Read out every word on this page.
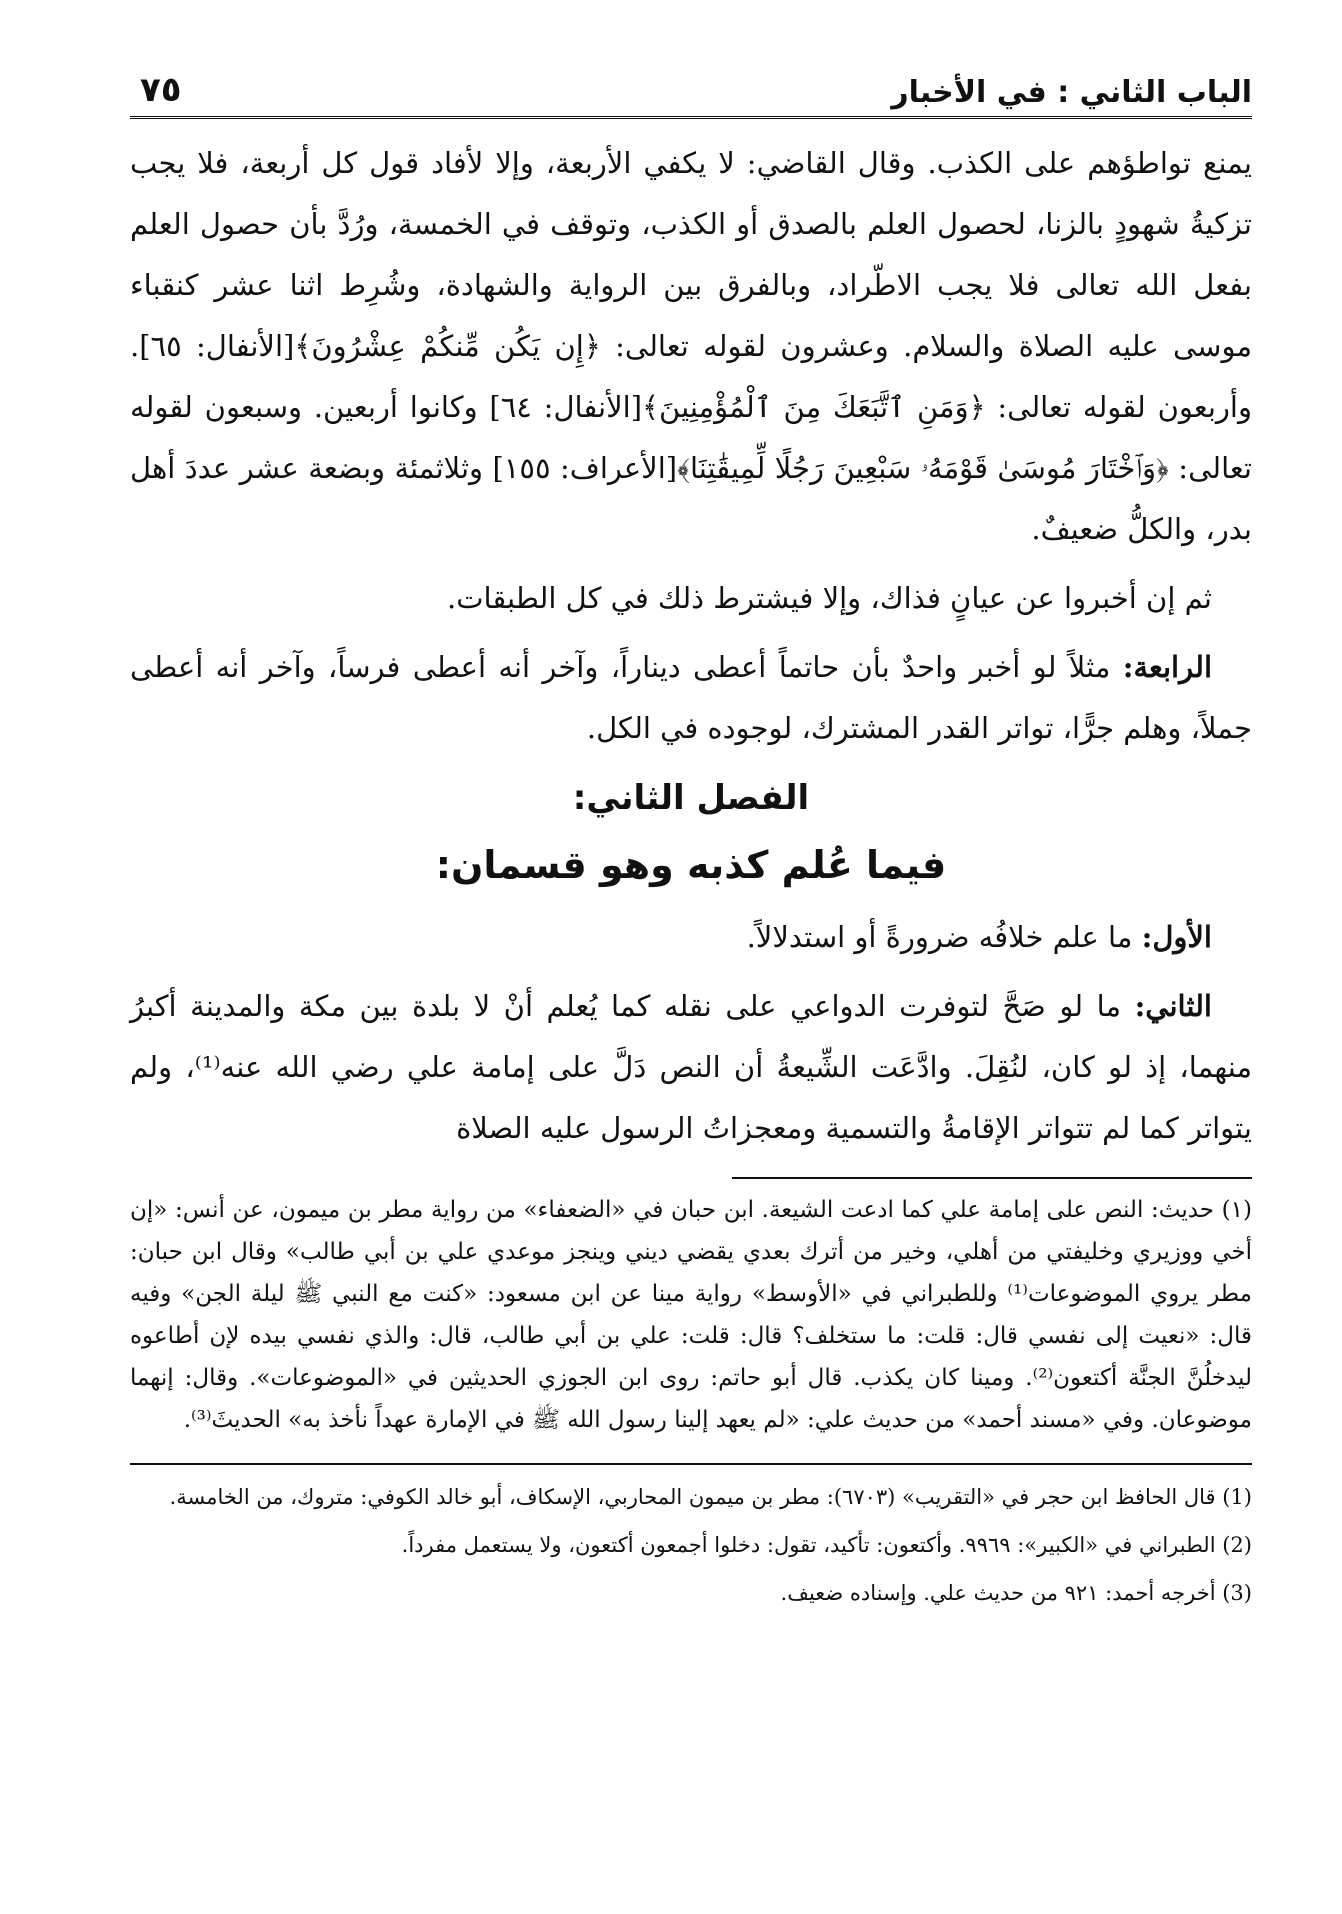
الباب الثاني : في الأخبار
٧٥

يمنع تواطؤهم على الكذب. وقال القاضي: لا يكفي الأربعة، وإلا لأفاد قول كل أربعة، فلا يجب تزكيةُ شهودٍ بالزنا، لحصول العلم بالصدق أو الكذب، وتوقف في الخمسة، ورُدَّ بأن حصول العلم بفعل الله تعالى فلا يجب الاطّراد، وبالفرق بين الرواية والشهادة، وشُرِط اثنا عشر كنقباء موسى عليه الصلاة والسلام. وعشرون لقوله تعالى: ﴿إِن يَكُن مِّنكُمْ عِشْرُونَ﴾[الأنفال: ٦٥]. وأربعون لقوله تعالى: ﴿وَمَنِ ٱتَّبَعَكَ مِنَ ٱلْمُؤْمِنِينَ﴾[الأنفال: ٦٤] وكانوا أربعين. وسبعون لقوله تعالى: ﴿وَٱخْتَارَ مُوسَىٰ قَوْمَهُۥ سَبْعِينَ رَجُلًا لِّمِيقَٰتِنَا﴾[الأعراف: ١٥٥] وثلاثمئة وبضعة عشر عددَ أهل بدر، والكلُّ ضعيفٌ.

ثم إن أخبروا عن عيانٍ فذاك، وإلا فيشترط ذلك في كل الطبقات.

الرابعة: مثلاً لو أخبر واحدٌ بأن حاتماً أعطى ديناراً، وآخر أنه أعطى فرساً، وآخر أنه أعطى جملاً، وهلم جرًّا، تواتر القدر المشترك، لوجوده في الكل.

الفصل الثاني:
فيما عُلم كذبه وهو قسمان:

الأول: ما علم خلافُه ضرورةً أو استدلالاً.

الثاني: ما لو صَحَّ لتوفرت الدواعي على نقله كما يُعلم أنْ لا بلدة بين مكة والمدينة أكبرُ منهما، إذ لو كان، لنُقِلَ. وادَّعَت الشِّيعةُ أن النص دَلَّ على إمامة علي رضي الله عنه⁽¹⁾، ولم يتواتر كما لم تتواتر الإقامةُ والتسمية ومعجزاتُ الرسول عليه الصلاة

(١) حديث: النص على إمامة علي كما ادعت الشيعة. ابن حبان في «الضعفاء» من رواية مطر بن ميمون، عن أنس: «إن أخي ووزيري وخليفتي من أهلي، وخير من أترك بعدي يقضي ديني وينجز موعدي علي بن أبي طالب» وقال ابن حبان: مطر يروي الموضوعات⁽¹⁾ وللطبراني في «الأوسط» رواية مينا عن ابن مسعود: «كنت مع النبي ﷺ ليلة الجن» وفيه قال: «نعيت إلى نفسي قال: قلت: ما ستخلف؟ قال: قلت: علي بن أبي طالب، قال: والذي نفسي بيده لإن أطاعوه ليدخلُنَّ الجنَّة أكتعون⁽²⁾. ومينا كان يكذب. قال أبو حاتم: روى ابن الجوزي الحديثين في «الموضوعات». وقال: إنهما موضوعان. وفي «مسند أحمد» من حديث علي: «لم يعهد إلينا رسول الله ﷺ في الإمارة عهداً نأخذ به» الحديثَ⁽³⁾.

(1) قال الحافظ ابن حجر في «التقريب» (٦٧٠٣): مطر بن ميمون المحاربي، الإسكاف، أبو خالد الكوفي: متروك، من الخامسة.

(2) الطبراني في «الكبير»: ٩٩٦٩. وأكتعون: تأكيد، تقول: دخلوا أجمعون أكتعون، ولا يستعمل مفرداً.

(3) أخرجه أحمد: ٩٢١ من حديث علي. وإسناده ضعيف.
